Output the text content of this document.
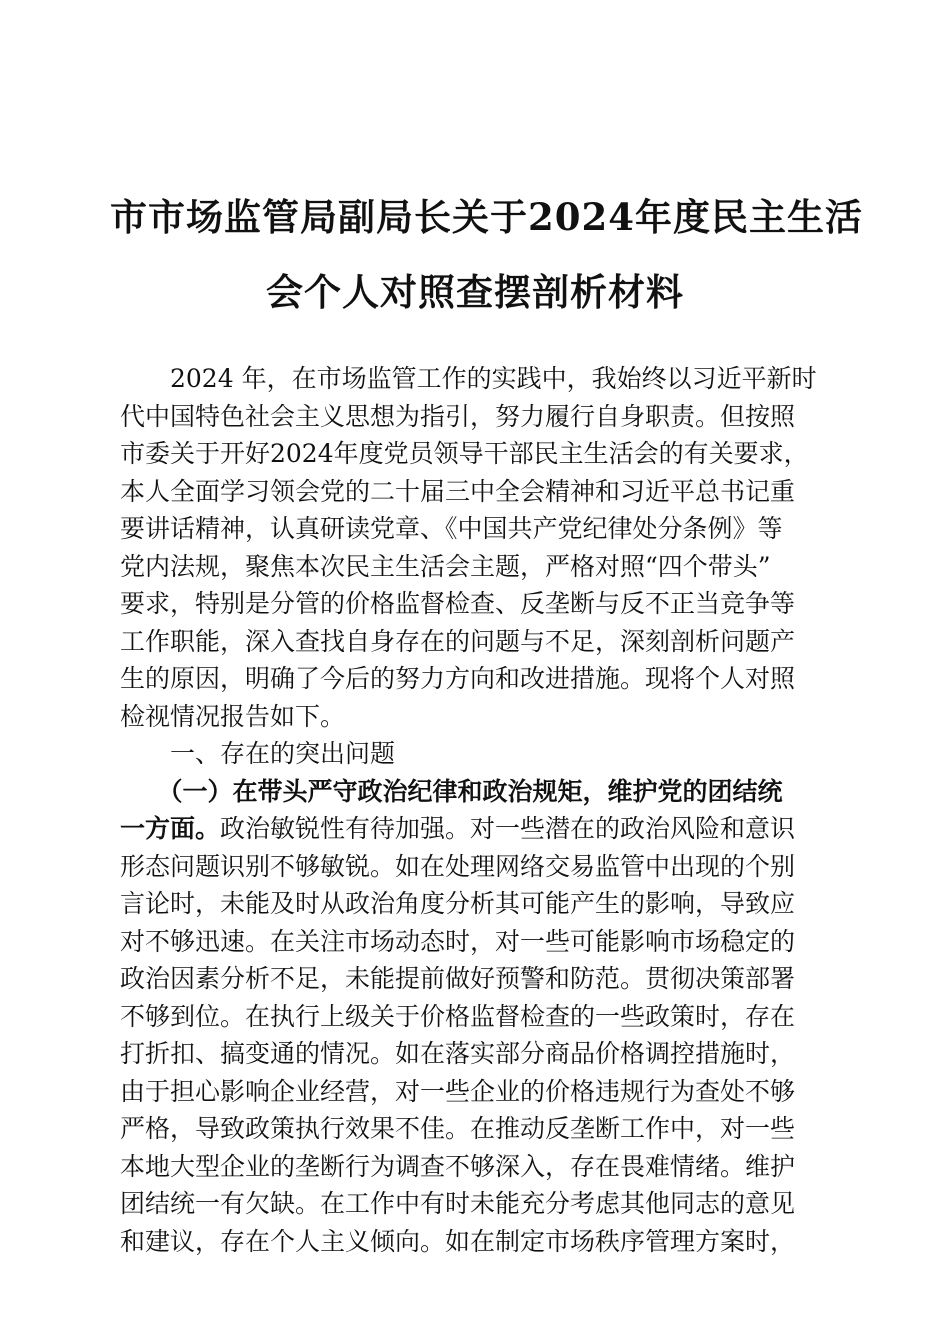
市市场监管局副局长关于2024年度民主生活
会个人对照查摆剖析材料
　　2024 年，在市场监管工作的实践中，我始终以习近平新时
代中国特色社会主义思想为指引，努力履行自身职责。但按照
市委关于开好2024年度党员领导干部民主生活会的有关要求，
本人全面学习领会党的二十届三中全会精神和习近平总书记重
要讲话精神，认真研读党章、《中国共产党纪律处分条例》等
党内法规，聚焦本次民主生活会主题，严格对照“四个带头”
要求，特别是分管的价格监督检查、反垄断与反不正当竞争等
工作职能，深入查找自身存在的问题与不足，深刻剖析问题产
生的原因，明确了今后的努力方向和改进措施。现将个人对照
检视情况报告如下。
　　一、存在的突出问题
　　（一）在带头严守政治纪律和政治规矩，维护党的团结统
一方面。政治敏锐性有待加强。对一些潜在的政治风险和意识
形态问题识别不够敏锐。如在处理网络交易监管中出现的个别
言论时，未能及时从政治角度分析其可能产生的影响，导致应
对不够迅速。在关注市场动态时，对一些可能影响市场稳定的
政治因素分析不足，未能提前做好预警和防范。贯彻决策部署
不够到位。在执行上级关于价格监督检查的一些政策时，存在
打折扣、搞变通的情况。如在落实部分商品价格调控措施时，
由于担心影响企业经营，对一些企业的价格违规行为查处不够
严格，导致政策执行效果不佳。在推动反垄断工作中，对一些
本地大型企业的垄断行为调查不够深入，存在畏难情绪。维护
团结统一有欠缺。在工作中有时未能充分考虑其他同志的意见
和建议，存在个人主义倾向。如在制定市场秩序管理方案时，
